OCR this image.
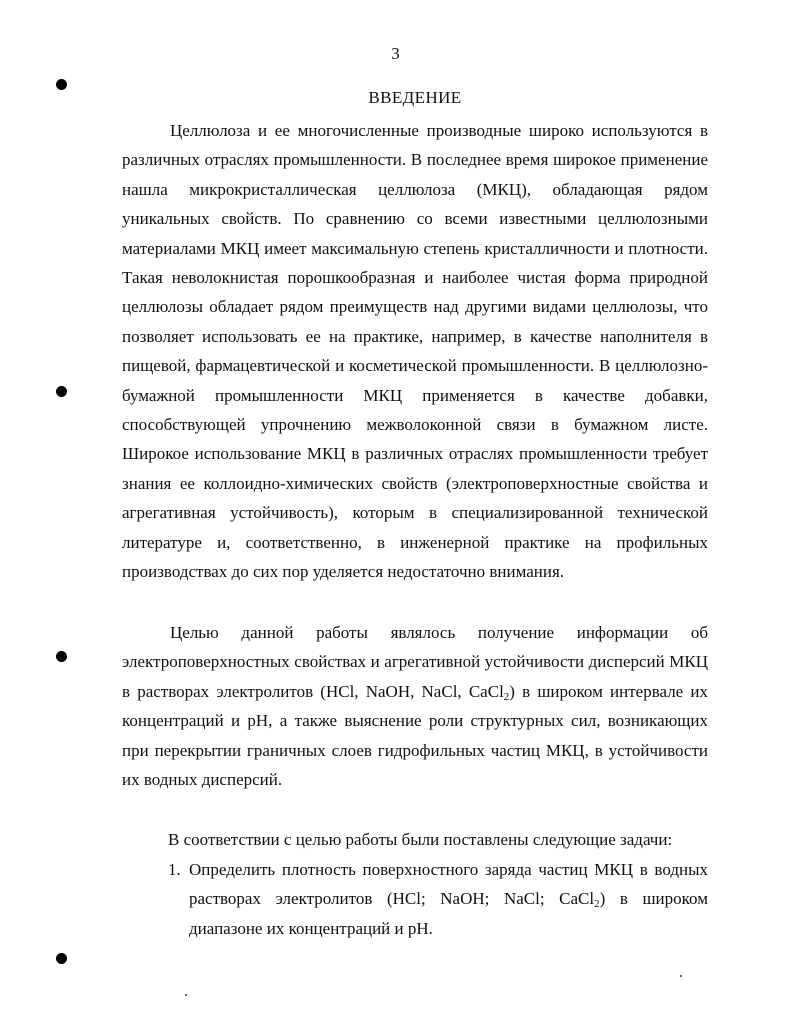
3
ВВЕДЕНИЕ

Целлюлоза и ее многочисленные производные широко используются в различных отраслях промышленности. В последнее время широкое применение нашла микрокристаллическая целлюлоза (МКЦ), обладающая рядом уникальных свойств. По сравнению со всеми известными целлюлозными материалами МКЦ имеет максимальную степень кристалличности и плотности. Такая неволокнистая порошкообразная и наиболее чистая форма природной целлюлозы обладает рядом преимуществ над другими видами целлюлозы, что позволяет использовать ее на практике, например, в качестве наполнителя в пищевой, фармацевтической и косметической промышленности. В целлюлозно-бумажной промышленности МКЦ применяется в качестве добавки, способствующей упрочнению межволоконной связи в бумажном листе. Широкое использование МКЦ в различных отраслях промышленности требует знания ее коллоидно-химических свойств (электроповерхностные свойства и агрегативная устойчивость), которым в специализированной технической литературе и, соответственно, в инженерной практике на профильных производствах до сих пор уделяется недостаточно внимания.

Целью данной работы являлось получение информации об электроповерхностных свойствах и агрегативной устойчивости дисперсий МКЦ в растворах электролитов (HCl, NaOH, NaCl, CaCl$_2$) в широком интервале их концентраций и pH, а также выяснение роли структурных сил, возникающих при перекрытии граничных слоев гидрофильных частиц МКЦ, в устойчивости их водных дисперсий.

В соответствии с целью работы были поставлены следующие задачи:

1. Определить плотность поверхностного заряда частиц МКЦ в водных растворах электролитов (HCl; NaOH; NaCl; CaCl$_2$) в широком диапазоне их концентраций и pH.
